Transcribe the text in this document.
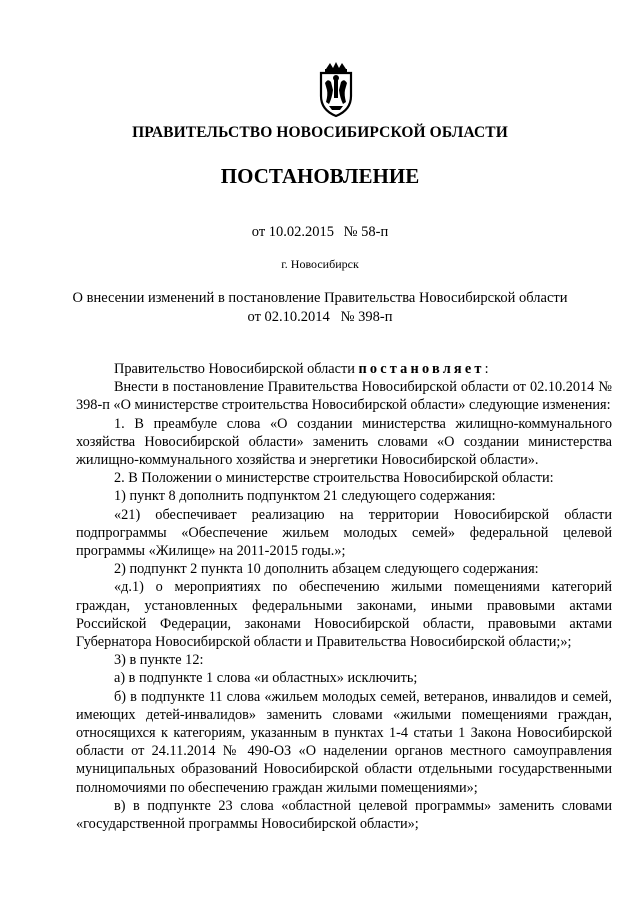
ПРАВИТЕЛЬСТВО НОВОСИБИРСКОЙ ОБЛАСТИ
ПОСТАНОВЛЕНИЕ
от 10.02.2015 № 58-п
г. Новосибирск
О внесении изменений в постановление Правительства Новосибирской области
от 02.10.2014 № 398-п

Правительство Новосибирской области постановляет:

Внести в постановление Правительства Новосибирской области от 02.10.2014 № 398-п «О министерстве строительства Новосибирской области» следующие изменения:

1. В преамбуле слова «О создании министерства жилищно-коммунального хозяйства Новосибирской области» заменить словами «О создании министерства жилищно-коммунального хозяйства и энергетики Новосибирской области».

2. В Положении о министерстве строительства Новосибирской области:

1) пункт 8 дополнить подпунктом 21 следующего содержания:

«21) обеспечивает реализацию на территории Новосибирской области подпрограммы «Обеспечение жильем молодых семей» федеральной целевой программы «Жилище» на 2011-2015 годы.»;

2) подпункт 2 пункта 10 дополнить абзацем следующего содержания:

«д.1) о мероприятиях по обеспечению жилыми помещениями категорий граждан, установленных федеральными законами, иными правовыми актами Российской Федерации, законами Новосибирской области, правовыми актами Губернатора Новосибирской области и Правительства Новосибирской области;»;

3) в пункте 12:

а) в подпункте 1 слова «и областных» исключить;

б) в подпункте 11 слова «жильем молодых семей, ветеранов, инвалидов и семей, имеющих детей-инвалидов» заменить словами «жилыми помещениями граждан, относящихся к категориям, указанным в пунктах 1-4 статьи 1 Закона Новосибирской области от 24.11.2014 № 490-ОЗ «О наделении органов местного самоуправления муниципальных образований Новосибирской области отдельными государственными полномочиями по обеспечению граждан жилыми помещениями»;

в) в подпункте 23 слова «областной целевой программы» заменить словами «государственной программы Новосибирской области»;
